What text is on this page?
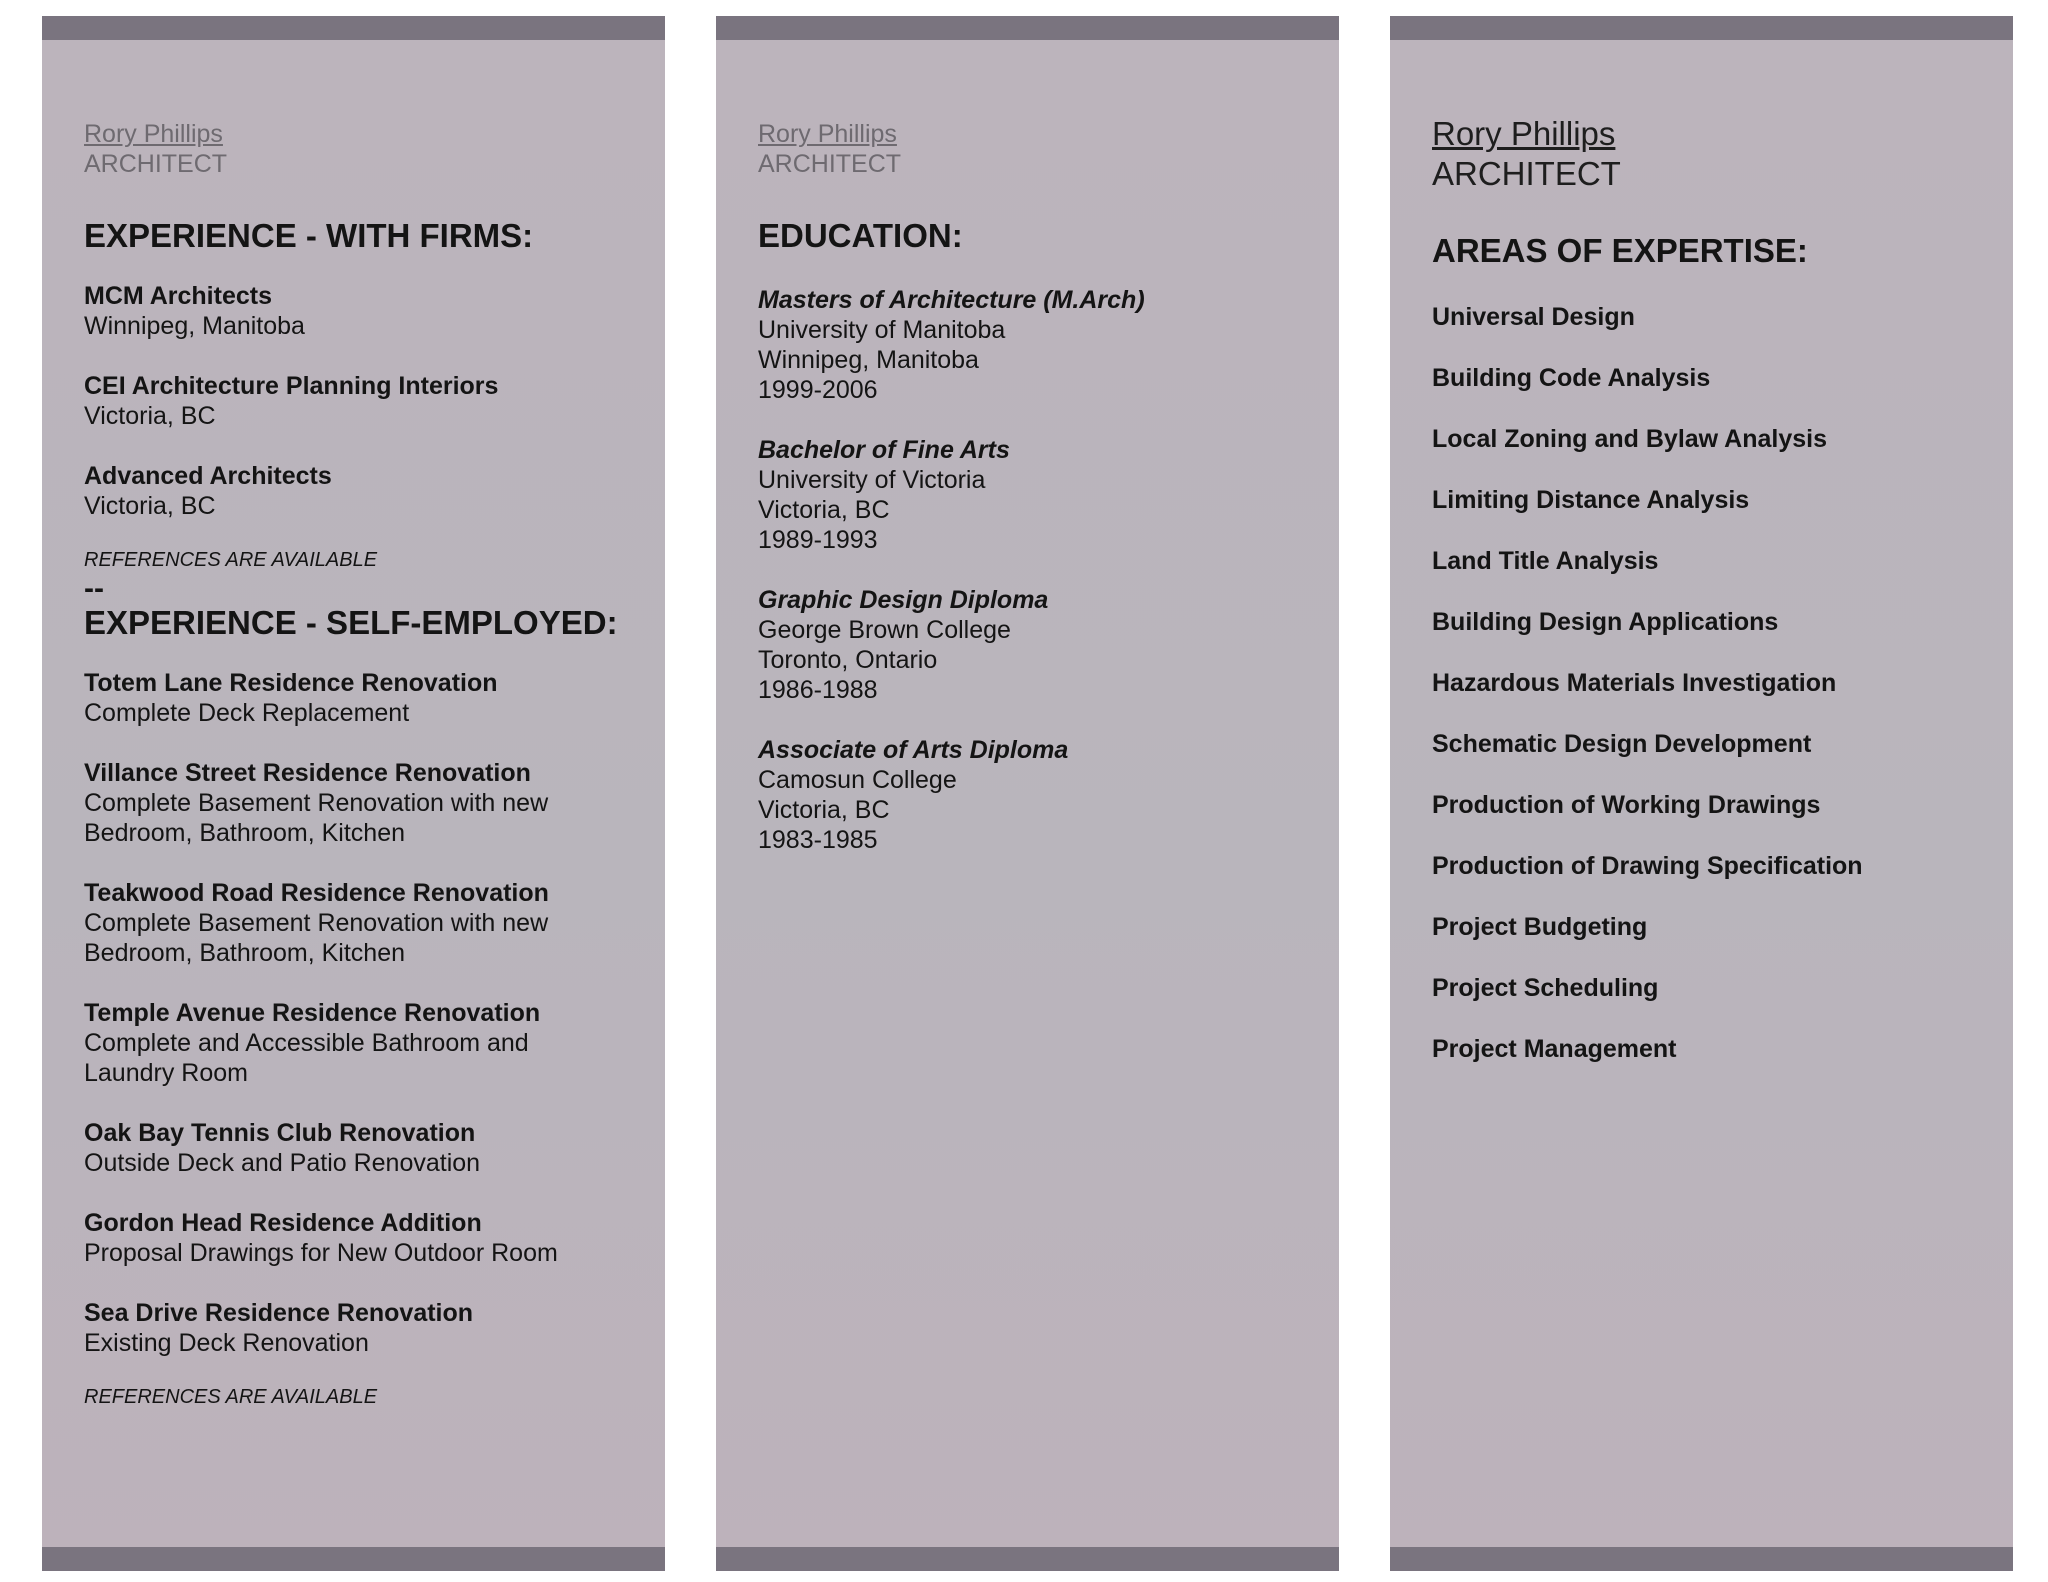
Rory Phillips
ARCHITECT
EXPERIENCE - WITH FIRMS:
MCM Architects
Winnipeg, Manitoba
CEI Architecture Planning Interiors
Victoria, BC
Advanced Architects
Victoria, BC
REFERENCES ARE AVAILABLE
--
EXPERIENCE - SELF-EMPLOYED:
Totem Lane Residence Renovation
Complete Deck Replacement
Villance Street Residence Renovation
Complete Basement Renovation with new
Bedroom, Bathroom, Kitchen
Teakwood Road Residence Renovation
Complete Basement Renovation with new
Bedroom, Bathroom, Kitchen
Temple Avenue Residence Renovation
Complete and Accessible Bathroom and
Laundry Room
Oak Bay Tennis Club Renovation
Outside Deck and Patio Renovation
Gordon Head Residence Addition
Proposal Drawings for New Outdoor Room
Sea Drive Residence Renovation
Existing Deck Renovation
REFERENCES ARE AVAILABLE
Rory Phillips
ARCHITECT
EDUCATION:
Masters of Architecture (M.Arch)
University of Manitoba
Winnipeg, Manitoba
1999-2006
Bachelor of Fine Arts
University of Victoria
Victoria, BC
1989-1993
Graphic Design Diploma
George Brown College
Toronto, Ontario
1986-1988
Associate of Arts Diploma
Camosun College
Victoria, BC
1983-1985
Rory Phillips
ARCHITECT
AREAS OF EXPERTISE:
Universal Design
Building Code Analysis
Local Zoning and Bylaw Analysis
Limiting Distance Analysis
Land Title Analysis
Building Design Applications
Hazardous Materials Investigation
Schematic Design Development
Production of Working Drawings
Production of Drawing Specification
Project Budgeting
Project Scheduling
Project Management
